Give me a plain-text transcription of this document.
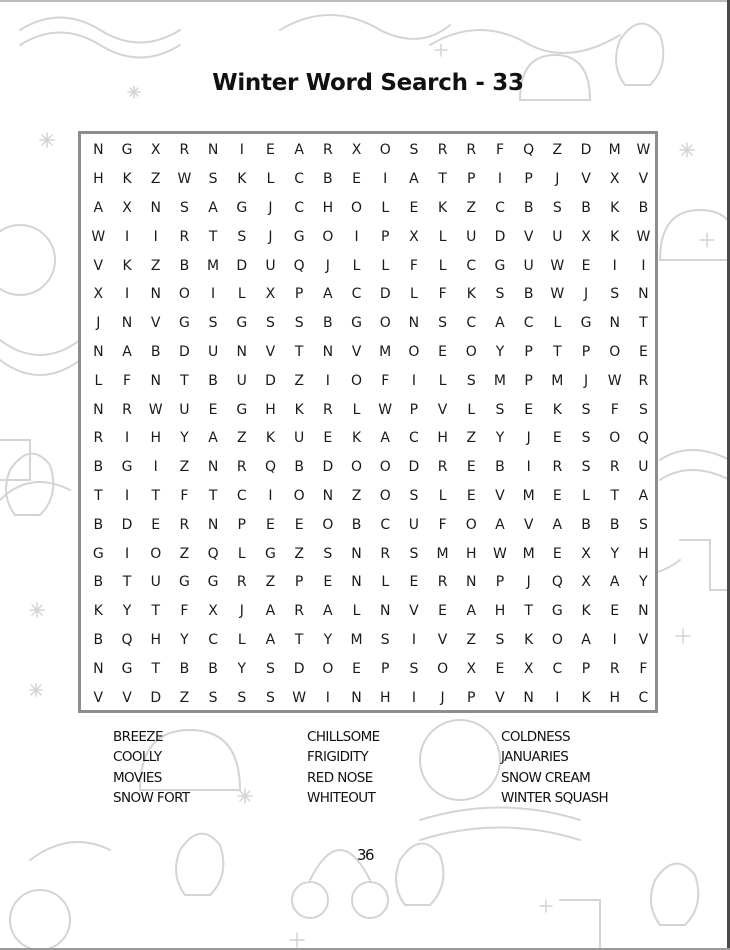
Winter Word Search - 33
N	G	X	R	N	I	E	A	R	X	O	S	R	R	F	Q	Z	D	M	W
H	K	Z	W	S	K	L	C	B	E	I	A	T	P	I	P	J	V	X	V
A	X	N	S	A	G	J	C	H	O	L	E	K	Z	C	B	S	B	K	B
W	I	I	R	T	S	J	G	O	I	P	X	L	U	D	V	U	X	K	W
V	K	Z	B	M	D	U	Q	J	L	L	F	L	C	G	U	W	E	I	I
X	I	N	O	I	L	X	P	A	C	D	L	F	K	S	B	W	J	S	N
J	N	V	G	S	G	S	S	B	G	O	N	S	C	A	C	L	G	N	T
N	A	B	D	U	N	V	T	N	V	M	O	E	O	Y	P	T	P	O	E
L	F	N	T	B	U	D	Z	I	O	F	I	L	S	M	P	M	J	W	R
N	R	W	U	E	G	H	K	R	L	W	P	V	L	S	E	K	S	F	S
R	I	H	Y	A	Z	K	U	E	K	A	C	H	Z	Y	J	E	S	O	Q
B	G	I	Z	N	R	Q	B	D	O	O	D	R	E	B	I	R	S	R	U
T	I	T	F	T	C	I	O	N	Z	O	S	L	E	V	M	E	L	T	A
B	D	E	R	N	P	E	E	O	B	C	U	F	O	A	V	A	B	B	S
G	I	O	Z	Q	L	G	Z	S	N	R	S	M	H	W	M	E	X	Y	H
B	T	U	G	G	R	Z	P	E	N	L	E	R	N	P	J	Q	X	A	Y
K	Y	T	F	X	J	A	R	A	L	N	V	E	A	H	T	G	K	E	N
B	Q	H	Y	C	L	A	T	Y	M	S	I	V	Z	S	K	O	A	I	V
N	G	T	B	B	Y	S	D	O	E	P	S	O	X	E	X	C	P	R	F
V	V	D	Z	S	S	S	W	I	N	H	I	J	P	V	N	I	K	H	C
BREEZE	CHILLSOME	COLDNESS
COOLLY	FRIGIDITY	JANUARIES
MOVIES	RED NOSE	SNOW CREAM
SNOW FORT	WHITEOUT	WINTER SQUASH
36
